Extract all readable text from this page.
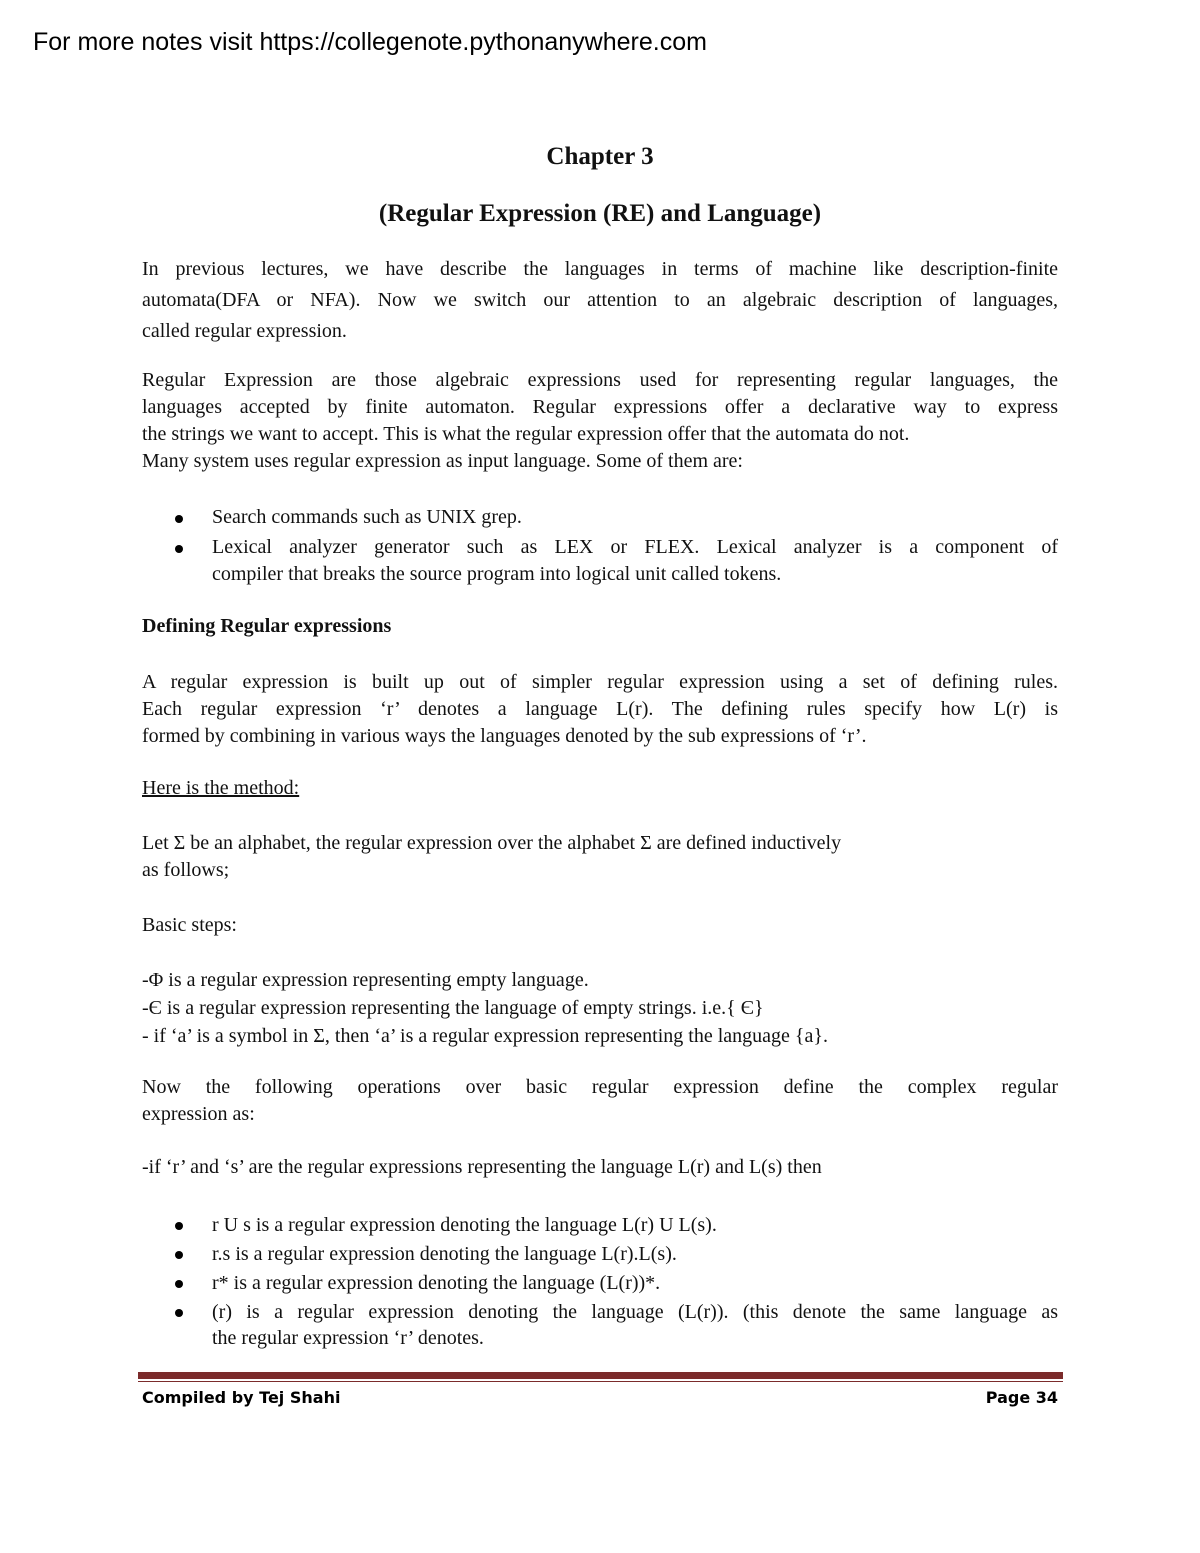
For more notes visit https://collegenote.pythonanywhere.com
Chapter 3
(Regular Expression (RE) and Language)
In previous lectures, we have describe the languages in terms of machine like description-finite
automata(DFA or NFA). Now we switch our attention to an algebraic description of languages,
called regular expression.
Regular Expression are those algebraic expressions used for representing regular languages, the
languages accepted by finite automaton. Regular expressions offer a declarative way to express
the strings we want to accept. This is what the regular expression offer that the automata do not.
Many system uses regular expression as input language. Some of them are:
Search commands such as UNIX grep.
Lexical analyzer generator such as LEX or FLEX. Lexical analyzer is a component of
compiler that breaks the source program into logical unit called tokens.
Defining Regular expressions
A regular expression is built up out of simpler regular expression using a set of defining rules.
Each regular expression ‘r’ denotes a language L(r). The defining rules specify how L(r) is
formed by combining in various ways the languages denoted by the sub expressions of ‘r’.
Here is the method:
Let Σ be an alphabet, the regular expression over the alphabet Σ are defined inductively
as follows;
Basic steps:
-Φ is a regular expression representing empty language.
-Є is a regular expression representing the language of empty strings. i.e.{ Є}
- if ‘a’ is a symbol in Σ, then ‘a’ is a regular expression representing the language {a}.
Now the following operations over basic regular expression define the complex regular
expression as:
-if ‘r’ and ‘s’ are the regular expressions representing the language L(r) and L(s) then
r U s is a regular expression denoting the language L(r) U L(s).
r.s is a regular expression denoting the language L(r).L(s).
r* is a regular expression denoting the language (L(r))*.
(r) is a regular expression denoting the language (L(r)). (this denote the same language as
the regular expression ‘r’ denotes.
Compiled by Tej Shahi	Page 34
